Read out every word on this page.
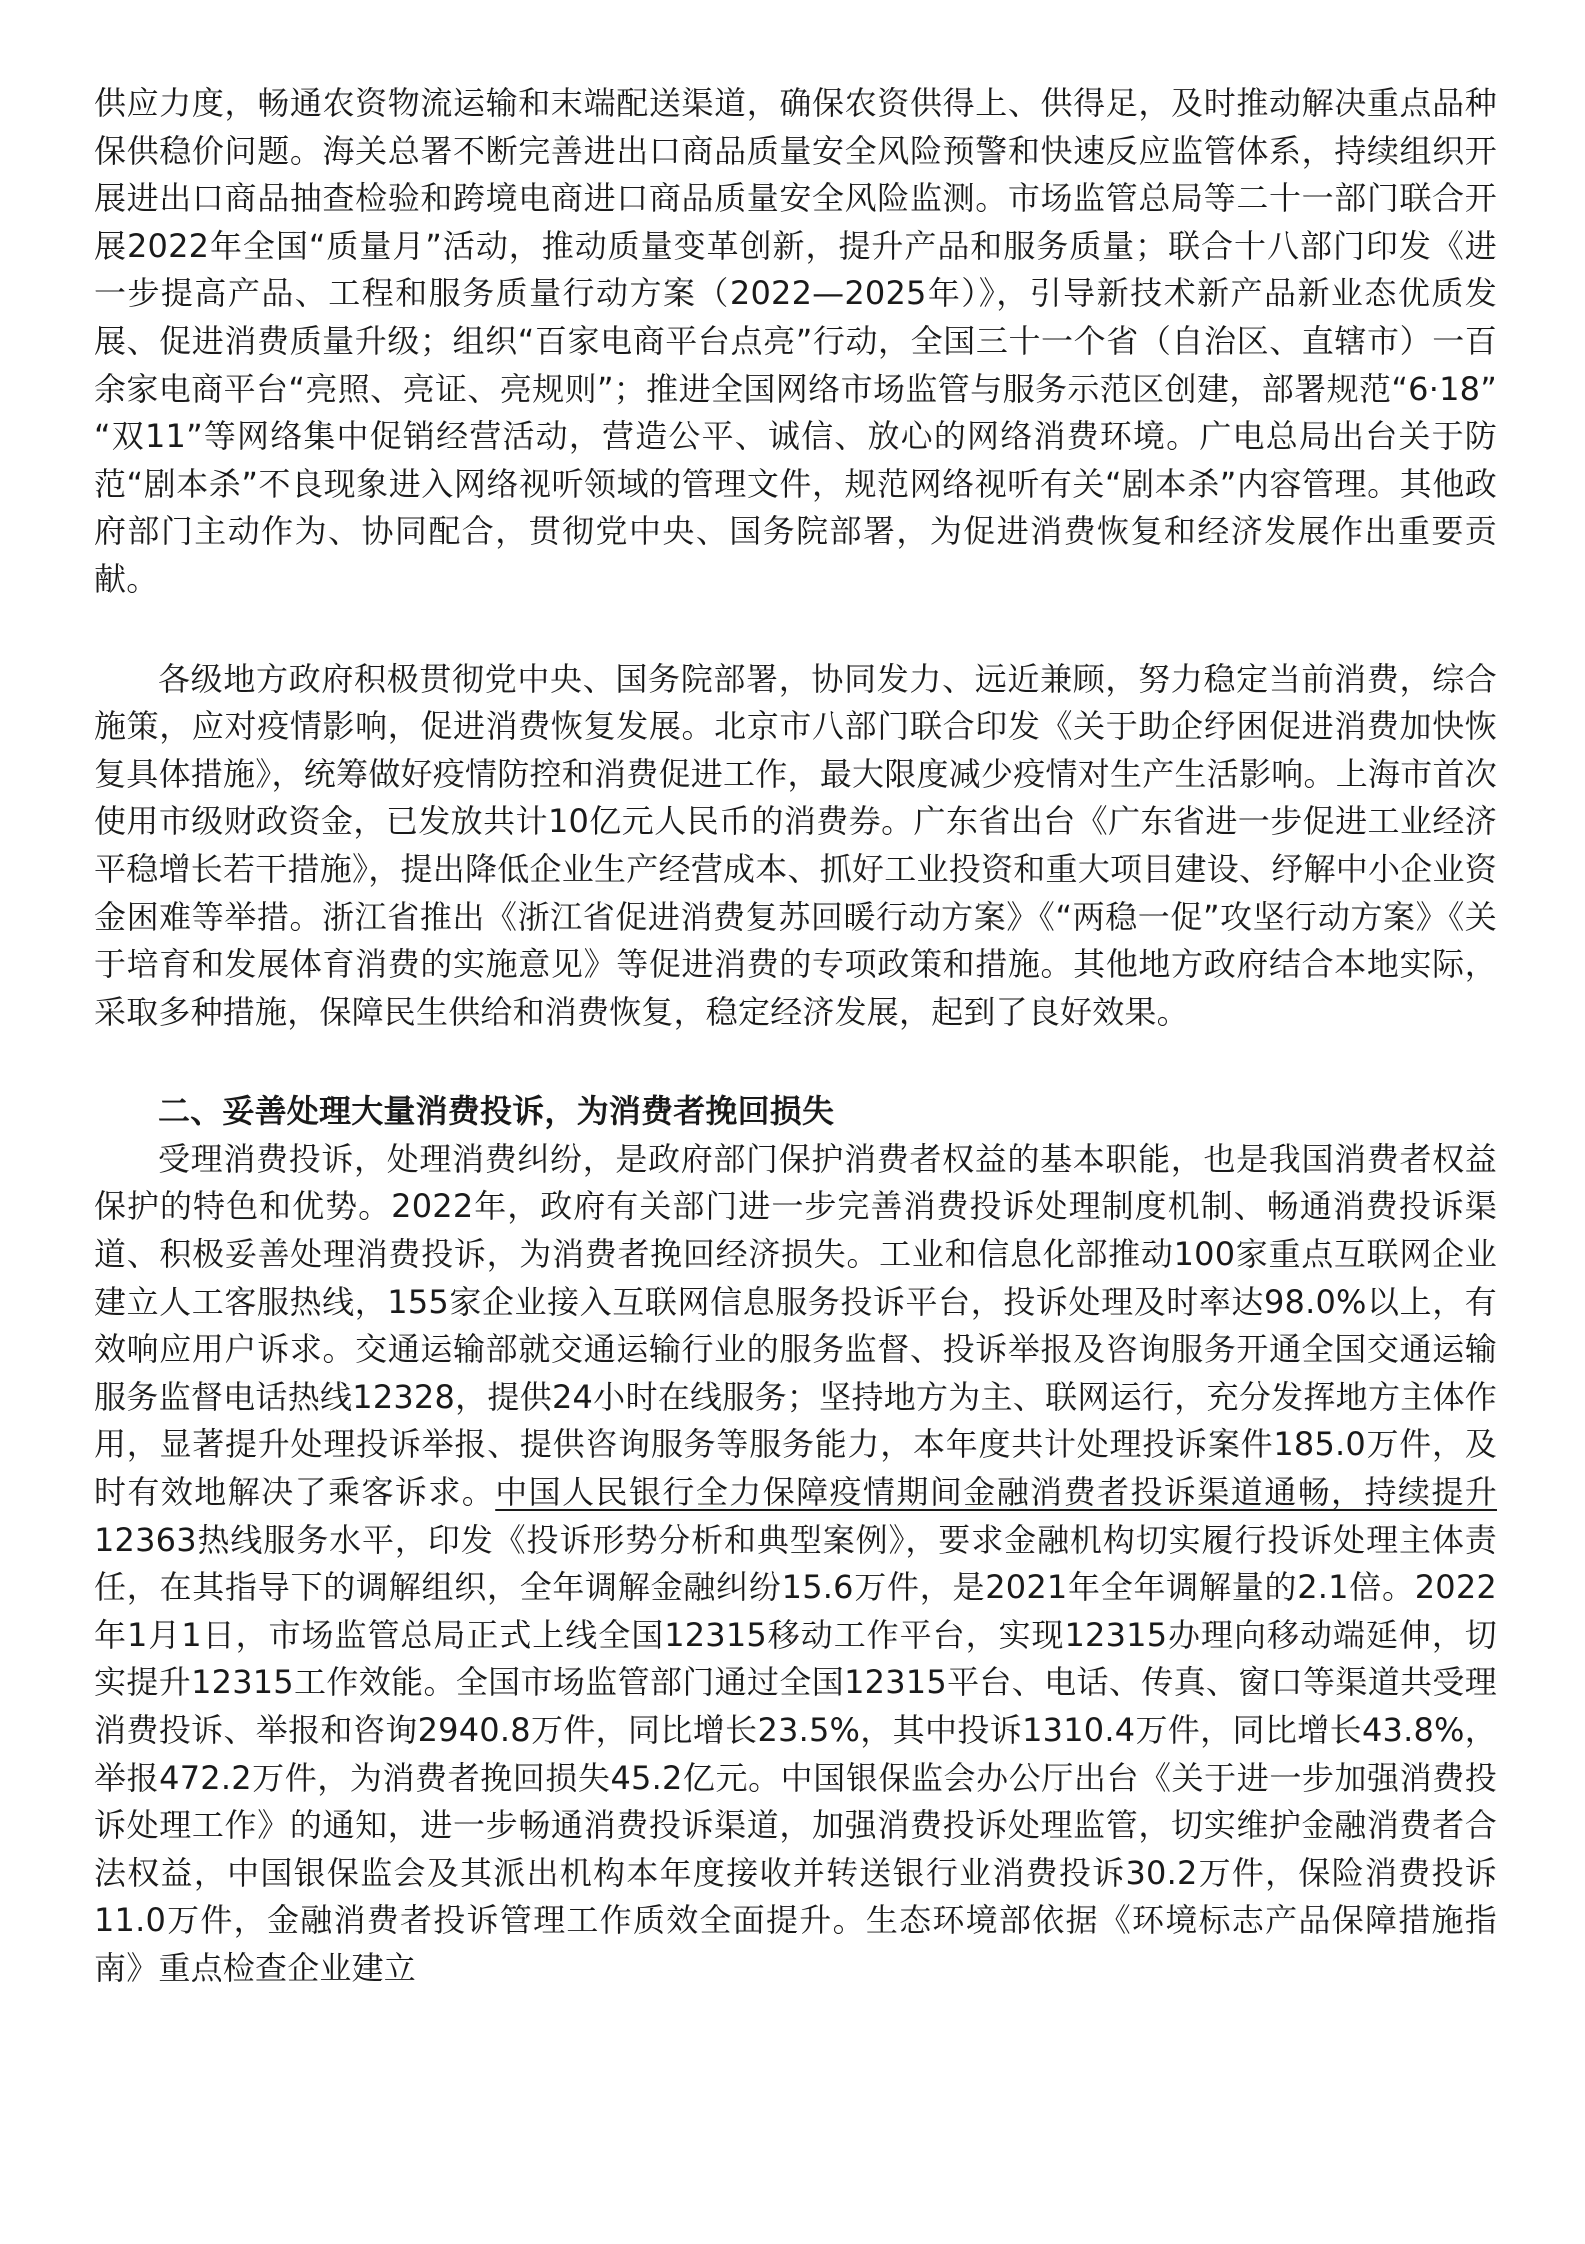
供应力度，畅通农资物流运输和末端配送渠道，确保农资供得上、供得足，及时推动解决重点品种保供稳价问题。海关总署不断完善进出口商品质量安全风险预警和快速反应监管体系，持续组织开展进出口商品抽查检验和跨境电商进口商品质量安全风险监测。市场监管总局等二十一部门联合开展2022年全国“质量月”活动，推动质量变革创新，提升产品和服务质量；联合十八部门印发《进一步提高产品、工程和服务质量行动方案（2022—2025年）》，引导新技术新产品新业态优质发展、促进消费质量升级；组织“百家电商平台点亮”行动，全国三十一个省（自治区、直辖市）一百余家电商平台“亮照、亮证、亮规则”；推进全国网络市场监管与服务示范区创建，部署规范“6·18” “双11”等网络集中促销经营活动，营造公平、诚信、放心的网络消费环境。广电总局出台关于防范“剧本杀”不良现象进入网络视听领域的管理文件，规范网络视听有关“剧本杀”内容管理。其他政府部门主动作为、协同配合，贯彻党中央、国务院部署，为促进消费恢复和经济发展作出重要贡献。

各级地方政府积极贯彻党中央、国务院部署，协同发力、远近兼顾，努力稳定当前消费，综合施策，应对疫情影响，促进消费恢复发展。北京市八部门联合印发《关于助企纾困促进消费加快恢复具体措施》，统筹做好疫情防控和消费促进工作，最大限度减少疫情对生产生活影响。上海市首次使用市级财政资金，已发放共计10亿元人民币的消费券。广东省出台《广东省进一步促进工业经济平稳增长若干措施》，提出降低企业生产经营成本、抓好工业投资和重大项目建设、纾解中小企业资金困难等举措。浙江省推出《浙江省促进消费复苏回暖行动方案》《“两稳一促”攻坚行动方案》《关于培育和发展体育消费的实施意见》等促进消费的专项政策和措施。其他地方政府结合本地实际，采取多种措施，保障民生供给和消费恢复，稳定经济发展，起到了良好效果。

二、妥善处理大量消费投诉，为消费者挽回损失

受理消费投诉，处理消费纠纷，是政府部门保护消费者权益的基本职能，也是我国消费者权益保护的特色和优势。2022年，政府有关部门进一步完善消费投诉处理制度机制、畅通消费投诉渠道、积极妥善处理消费投诉，为消费者挽回经济损失。工业和信息化部推动100家重点互联网企业建立人工客服热线，155家企业接入互联网信息服务投诉平台，投诉处理及时率达98.0%以上，有效响应用户诉求。交通运输部就交通运输行业的服务监督、投诉举报及咨询服务开通全国交通运输服务监督电话热线12328，提供24小时在线服务；坚持地方为主、联网运行，充分发挥地方主体作用，显著提升处理投诉举报、提供咨询服务等服务能力，本年度共计处理投诉案件185.0万件，及时有效地解决了乘客诉求。中国人民银行全力保障疫情期间金融消费者投诉渠道通畅，持续提升12363热线服务水平，印发《投诉形势分析和典型案例》，要求金融机构切实履行投诉处理主体责任，在其指导下的调解组织，全年调解金融纠纷15.6万件，是2021年全年调解量的2.1倍。2022年1月1日，市场监管总局正式上线全国12315移动工作平台，实现12315办理向移动端延伸，切实提升12315工作效能。全国市场监管部门通过全国12315平台、电话、传真、窗口等渠道共受理消费投诉、举报和咨询2940.8万件，同比增长23.5%，其中投诉1310.4万件，同比增长43.8%，举报472.2万件，为消费者挽回损失45.2亿元。中国银保监会办公厅出台《关于进一步加强消费投诉处理工作》的通知，进一步畅通消费投诉渠道，加强消费投诉处理监管，切实维护金融消费者合法权益，中国银保监会及其派出机构本年度接收并转送银行业消费投诉30.2万件，保险消费投诉11.0万件，金融消费者投诉管理工作质效全面提升。生态环境部依据《环境标志产品保障措施指南》重点检查企业建立
